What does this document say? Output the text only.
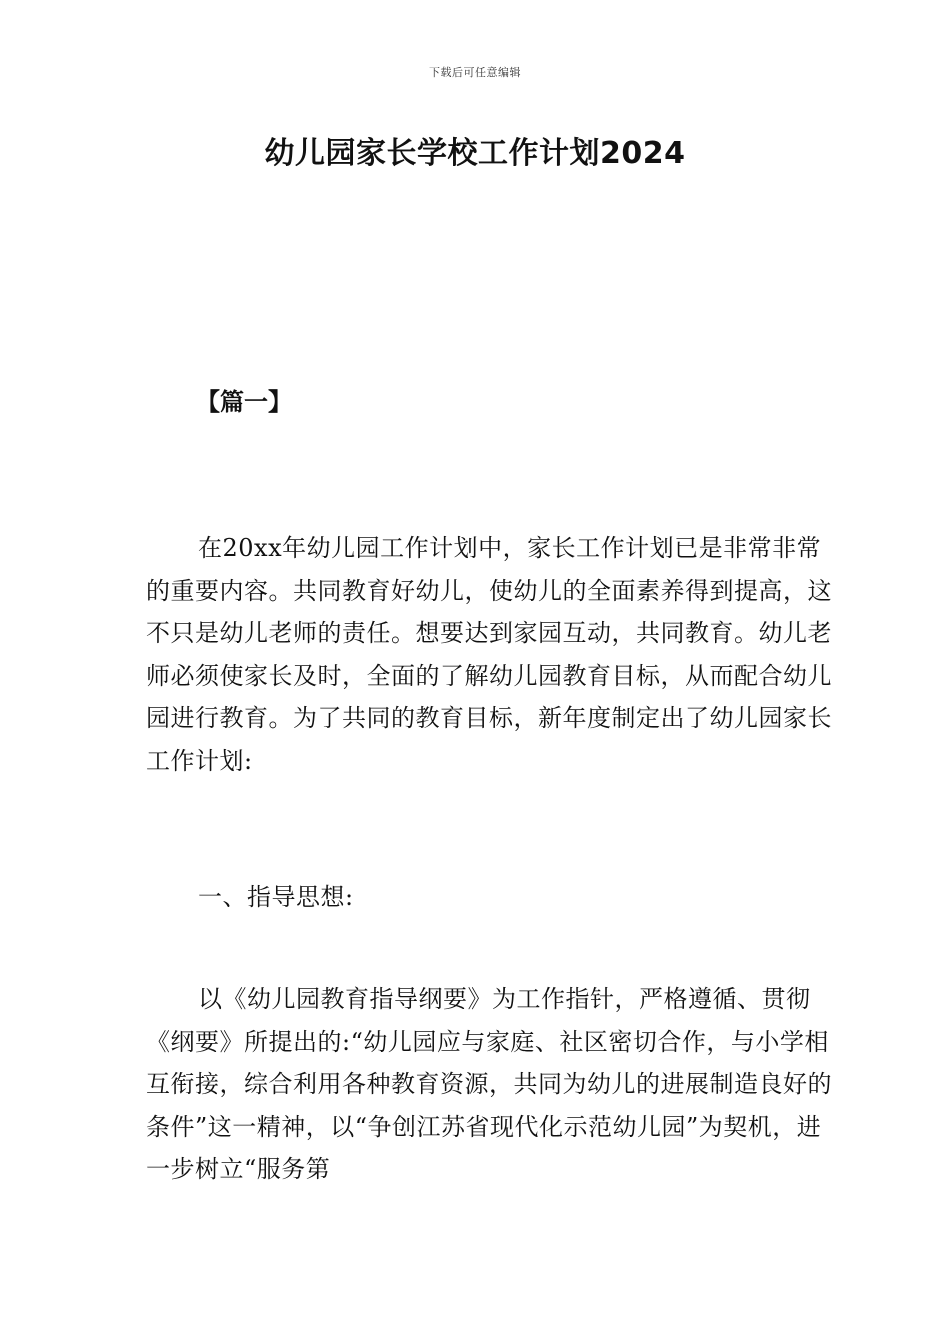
下载后可任意编辑
幼儿园家长学校工作计划2024
【篇一】

在20xx年幼儿园工作计划中，家长工作计划已是非常非常的重要内容。共同教育好幼儿，使幼儿的全面素养得到提高，这不只是幼儿老师的责任。想要达到家园互动，共同教育。幼儿老师必须使家长及时，全面的了解幼儿园教育目标，从而配合幼儿园进行教育。为了共同的教育目标，新年度制定出了幼儿园家长工作计划:

一、指导思想:

以《幼儿园教育指导纲要》为工作指针，严格遵循、贯彻《纲要》所提出的:“幼儿园应与家庭、社区密切合作，与小学相互衔接，综合利用各种教育资源，共同为幼儿的进展制造良好的条件”这一精神，以“争创江苏省现代化示范幼儿园”为契机，进一步树立“服务第
